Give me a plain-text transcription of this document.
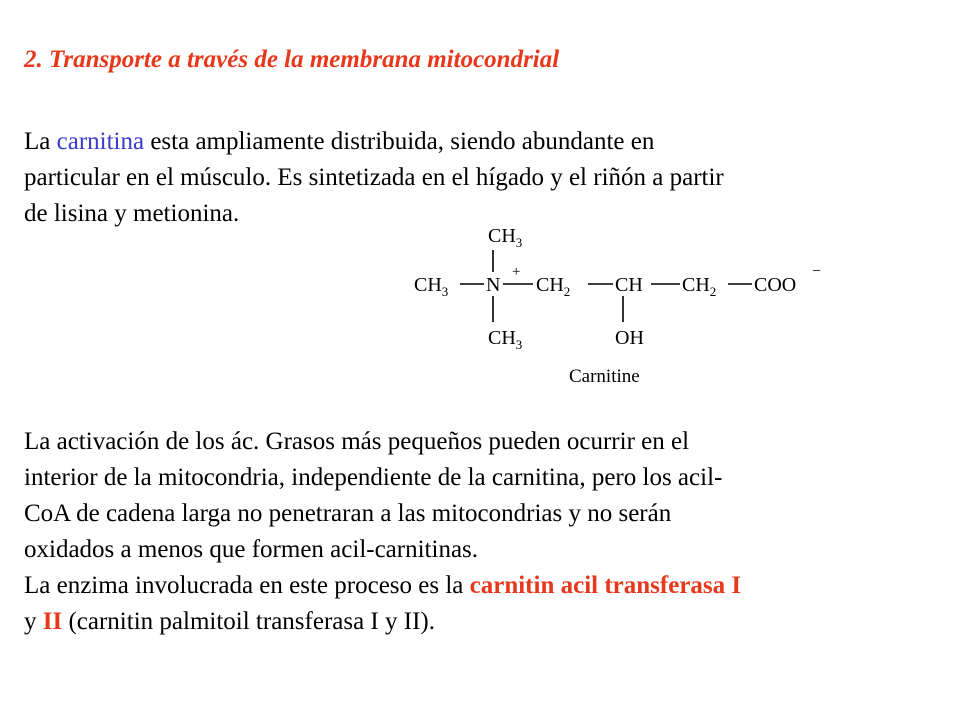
2. Transporte a través de la membrana mitocondrial

La carnitina esta ampliamente distribuida, siendo abundante en
particular en el músculo. Es sintetizada en el hígado y el riñón a partir
de lisina y metionina.

$CH_3$
$CH_3$ N
+
$CH_2$ CH $CH_2$ COO
−
$CH_3$	OH
Carnitine

La activación de los ác. Grasos más pequeños pueden ocurrir en el
interior de la mitocondria, independiente de la carnitina, pero los acil-
CoA de cadena larga no penetraran a las mitocondrias y no serán
oxidados a menos que formen acil-carnitinas.
La enzima involucrada en este proceso es la carnitin acil transferasa I
y II (carnitin palmitoil transferasa I y II).
